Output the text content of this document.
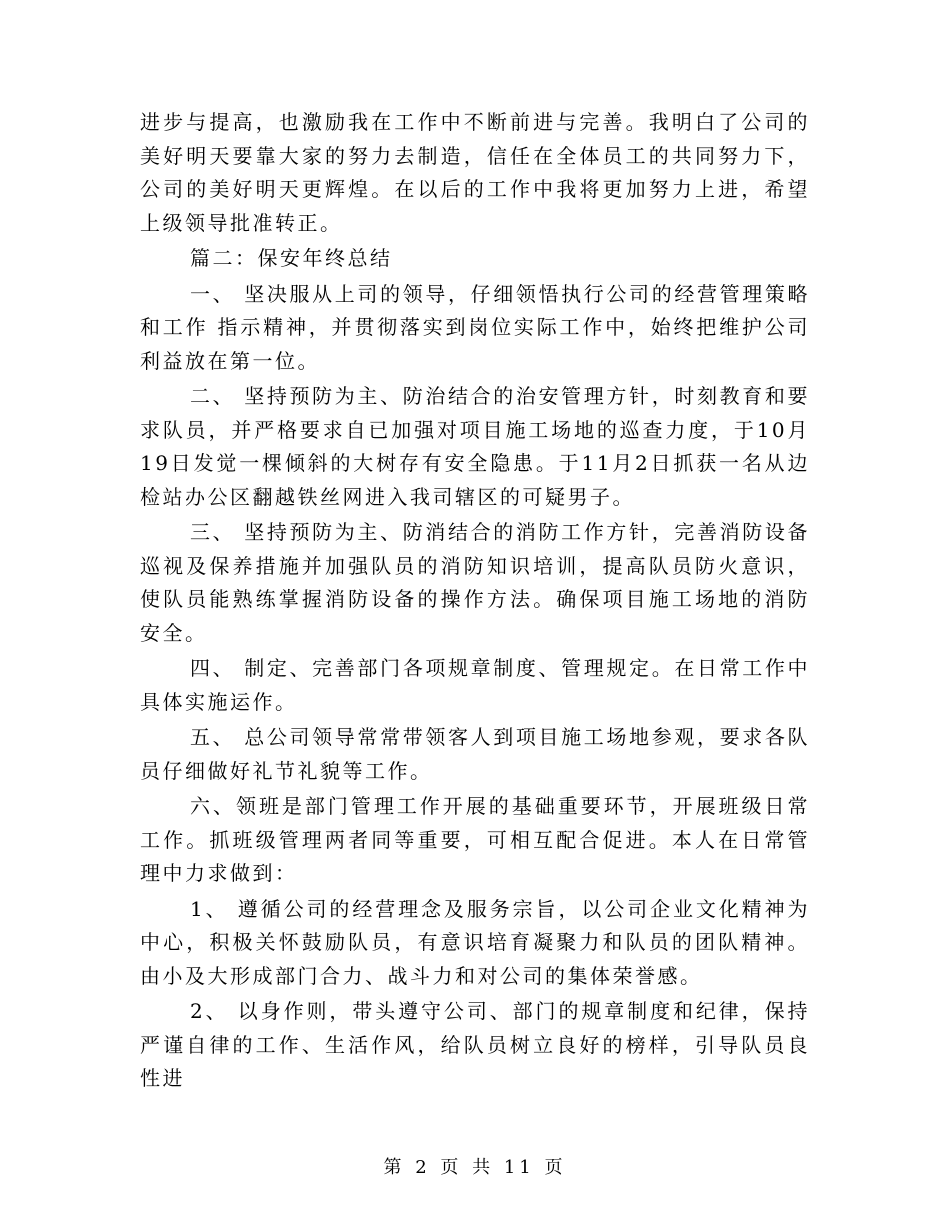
进步与提高，也激励我在工作中不断前进与完善。我明白了公司的美好明天要靠大家的努力去制造，信任在全体员工的共同努力下，公司的美好明天更辉煌。在以后的工作中我将更加努力上进，希望上级领导批准转正。

篇二：保安年终总结

一、 坚决服从上司的领导，仔细领悟执行公司的经营管理策略和工作 指示精神，并贯彻落实到岗位实际工作中，始终把维护公司利益放在第一位。

二、 坚持预防为主、防治结合的治安管理方针，时刻教育和要求队员，并严格要求自已加强对项目施工场地的巡查力度，于10月19日发觉一棵倾斜的大树存有安全隐患。于11月2日抓获一名从边检站办公区翻越铁丝网进入我司辖区的可疑男子。

三、 坚持预防为主、防消结合的消防工作方针，完善消防设备巡视及保养措施并加强队员的消防知识培训，提高队员防火意识，使队员能熟练掌握消防设备的操作方法。确保项目施工场地的消防安全。

四、 制定、完善部门各项规章制度、管理规定。在日常工作中具体实施运作。

五、 总公司领导常常带领客人到项目施工场地参观，要求各队员仔细做好礼节礼貌等工作。

六、领班是部门管理工作开展的基础重要环节，开展班级日常工作。抓班级管理两者同等重要，可相互配合促进。本人在日常管理中力求做到：

1、 遵循公司的经营理念及服务宗旨，以公司企业文化精神为中心，积极关怀鼓励队员，有意识培育凝聚力和队员的团队精神。由小及大形成部门合力、战斗力和对公司的集体荣誉感。

2、 以身作则，带头遵守公司、部门的规章制度和纪律，保持严谨自律的工作、生活作风，给队员树立良好的榜样，引导队员良性进

第 2 页 共 11 页
